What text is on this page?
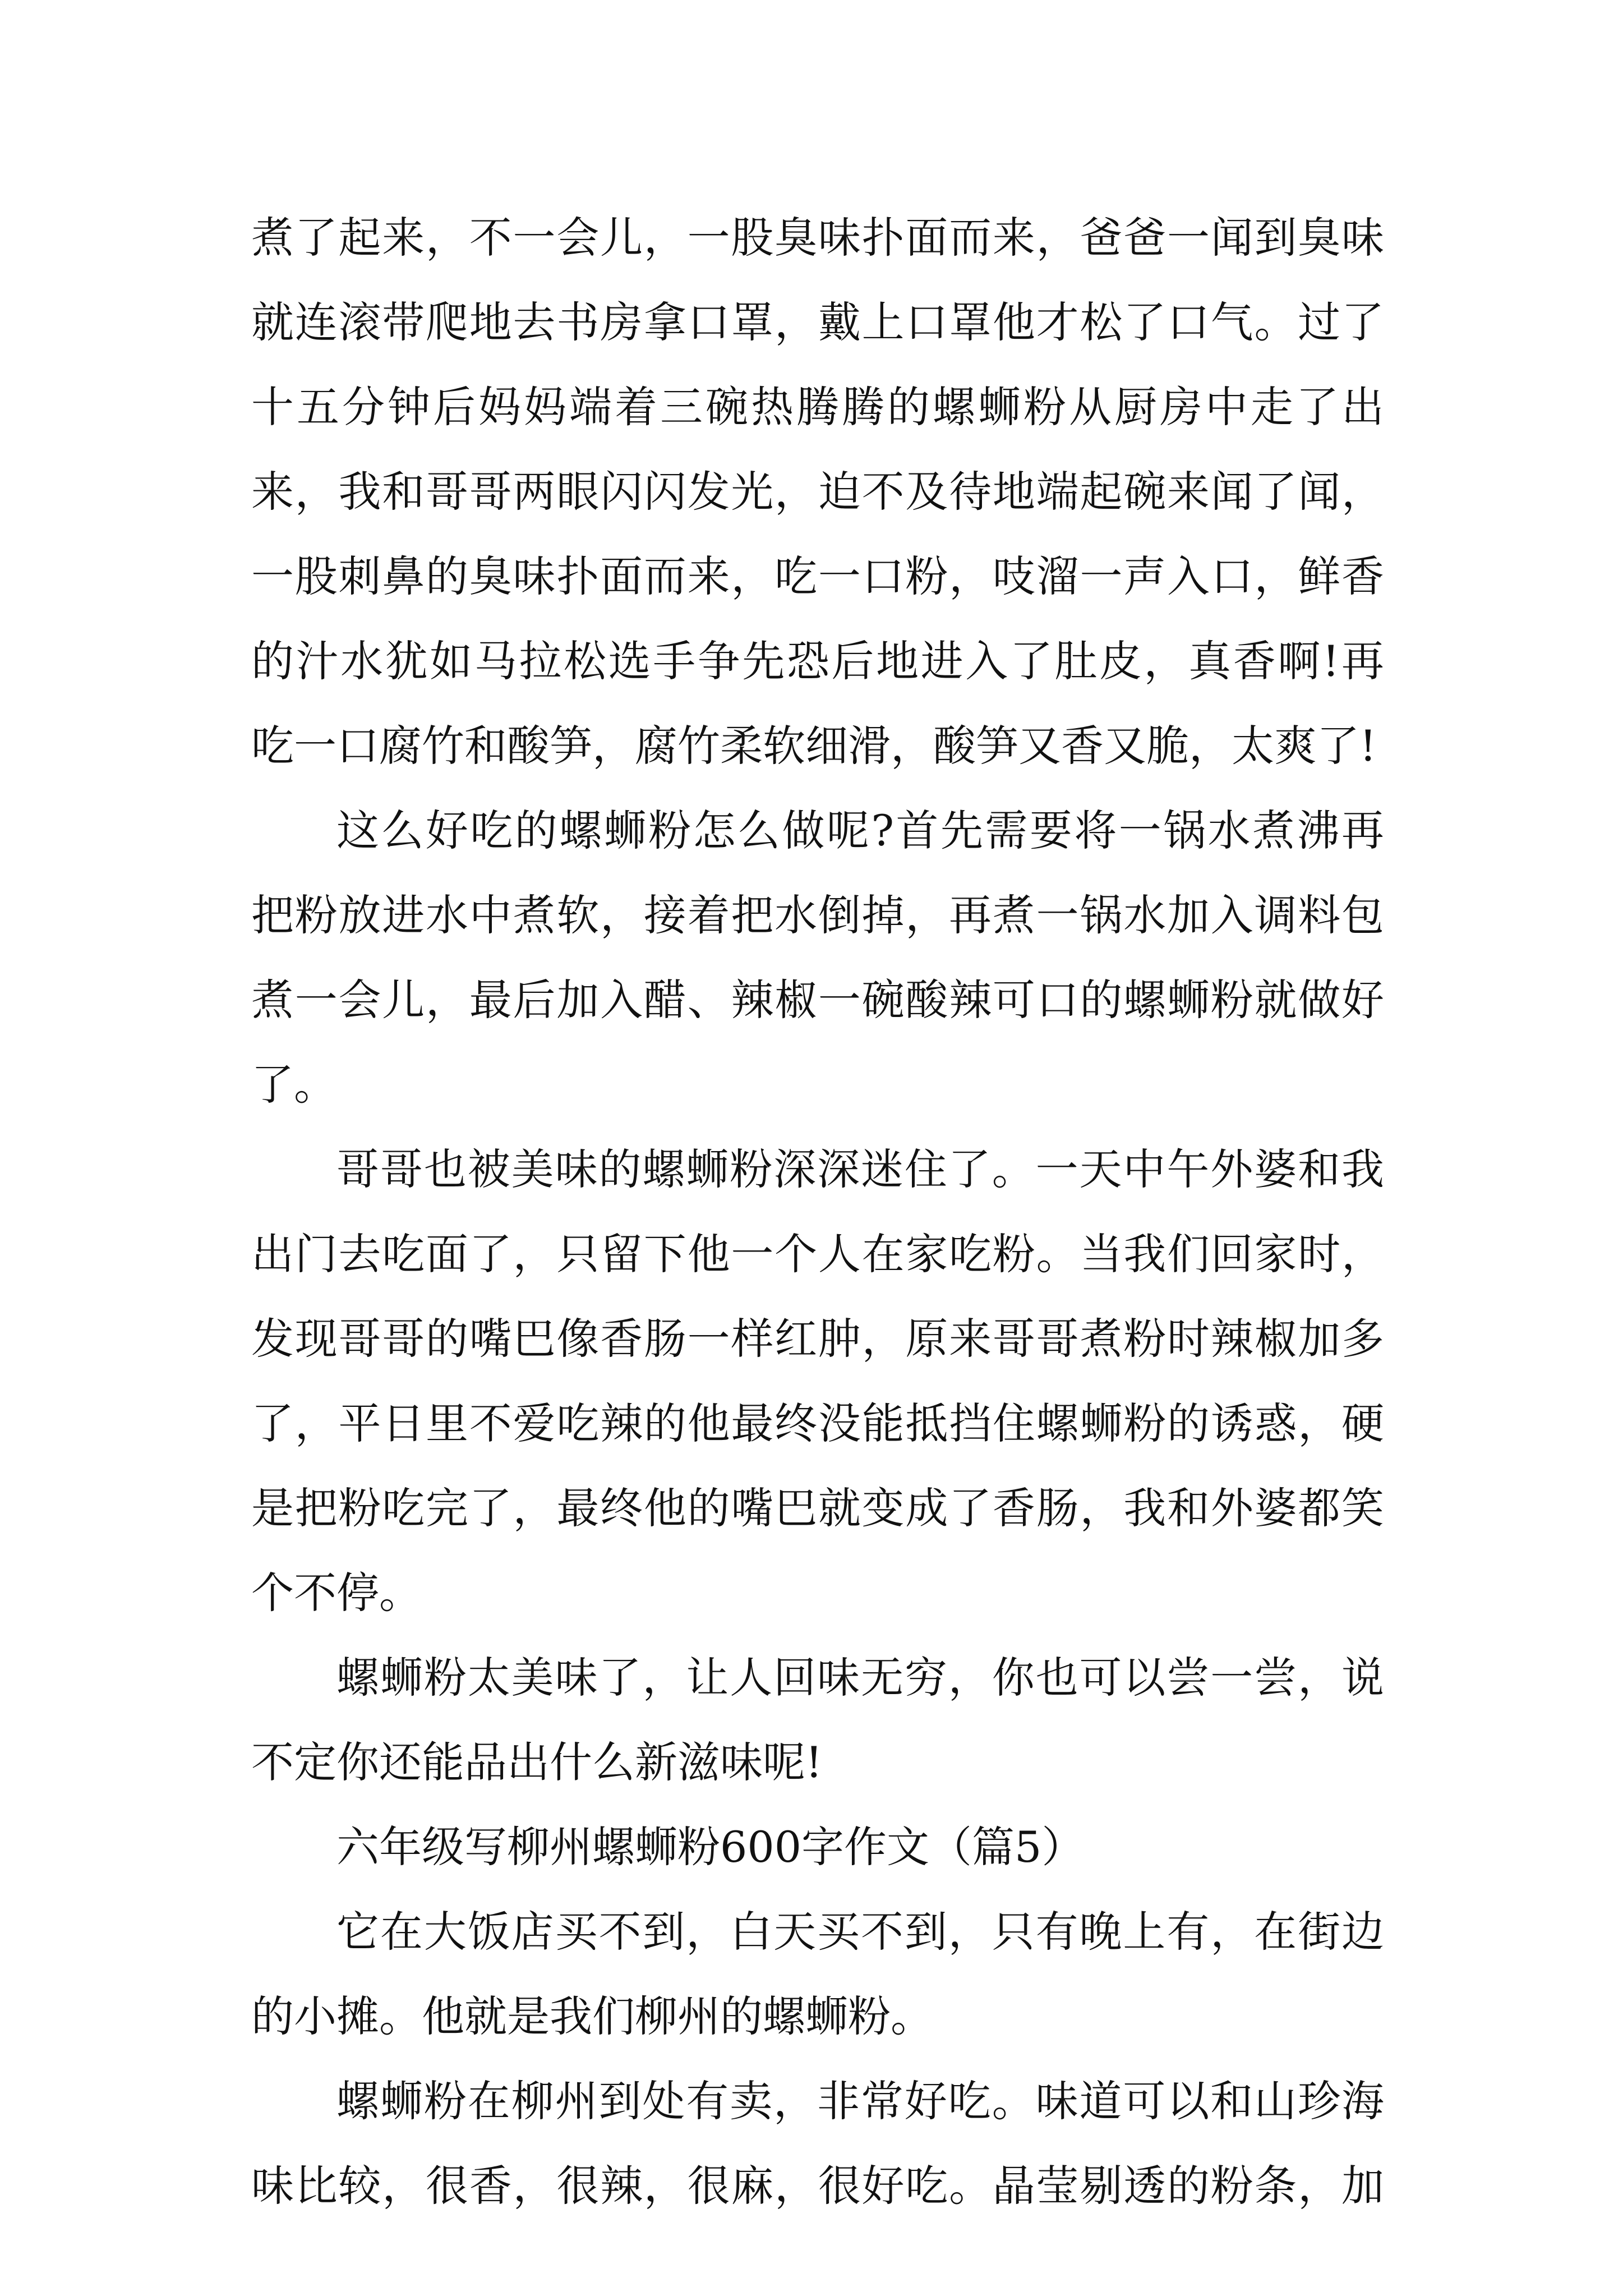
煮了起来，不一会儿，一股臭味扑面而来，爸爸一闻到臭味
就连滚带爬地去书房拿口罩，戴上口罩他才松了口气。过了
十五分钟后妈妈端着三碗热腾腾的螺蛳粉从厨房中走了出
来，我和哥哥两眼闪闪发光，迫不及待地端起碗来闻了闻，
一股刺鼻的臭味扑面而来，吃一口粉，吱溜一声入口，鲜香
的汁水犹如马拉松选手争先恐后地进入了肚皮，真香啊!再
吃一口腐竹和酸笋，腐竹柔软细滑，酸笋又香又脆，太爽了!
这么好吃的螺蛳粉怎么做呢?首先需要将一锅水煮沸再
把粉放进水中煮软，接着把水倒掉，再煮一锅水加入调料包
煮一会儿，最后加入醋、辣椒一碗酸辣可口的螺蛳粉就做好
了。
哥哥也被美味的螺蛳粉深深迷住了。一天中午外婆和我
出门去吃面了，只留下他一个人在家吃粉。当我们回家时，
发现哥哥的嘴巴像香肠一样红肿，原来哥哥煮粉时辣椒加多
了，平日里不爱吃辣的他最终没能抵挡住螺蛳粉的诱惑，硬
是把粉吃完了，最终他的嘴巴就变成了香肠，我和外婆都笑
个不停。
螺蛳粉太美味了，让人回味无穷，你也可以尝一尝，说
不定你还能品出什么新滋味呢!
六年级写柳州螺蛳粉600字作文（篇5）
它在大饭店买不到，白天买不到，只有晚上有，在街边
的小摊。他就是我们柳州的螺蛳粉。
螺蛳粉在柳州到处有卖，非常好吃。味道可以和山珍海
味比较，很香，很辣，很麻，很好吃。晶莹剔透的粉条，加
